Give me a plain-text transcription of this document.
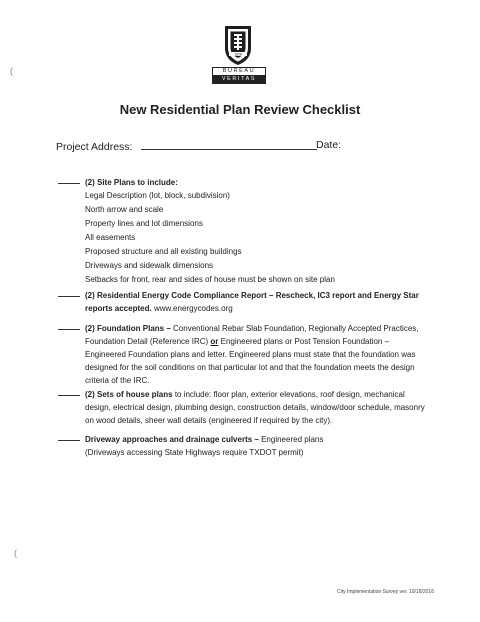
1828
BUREAU
VERITAS
New Residential Plan Review Checklist
Project Address:	Date:
(2) Site Plans to include:
Legal Description (lot, block, subdivision)
North arrow and scale
Property lines and lot dimensions
All easements
Proposed structure and all existing buildings
Driveways and sidewalk dimensions
Setbacks for front, rear and sides of house must be shown on site plan
(2) Residential Energy Code Compliance Report – Rescheck, IC3 report and Energy Star reports accepted. www.energycodes.org
(2) Foundation Plans – Conventional Rebar Slab Foundation, Regionally Accepted Practices, Foundation Detail (Reference IRC) or Engineered plans or Post Tension Foundation – Engineered Foundation plans and letter. Engineered plans must state that the foundation was designed for the soil conditions on that particular lot and that the foundation meets the design criteria of the IRC.
(2) Sets of house plans to include: floor plan, exterior elevations, roof design, mechanical design, electrical design, plumbing design, construction details, window/door schedule, masonry on wood details, sheer wall details (engineered if required by the city).
Driveway approaches and drainage culverts – Engineered plans
(Driveways accessing State Highways require TXDOT permit)
City Implementation Survey ver. 10/18/2016
(
(
